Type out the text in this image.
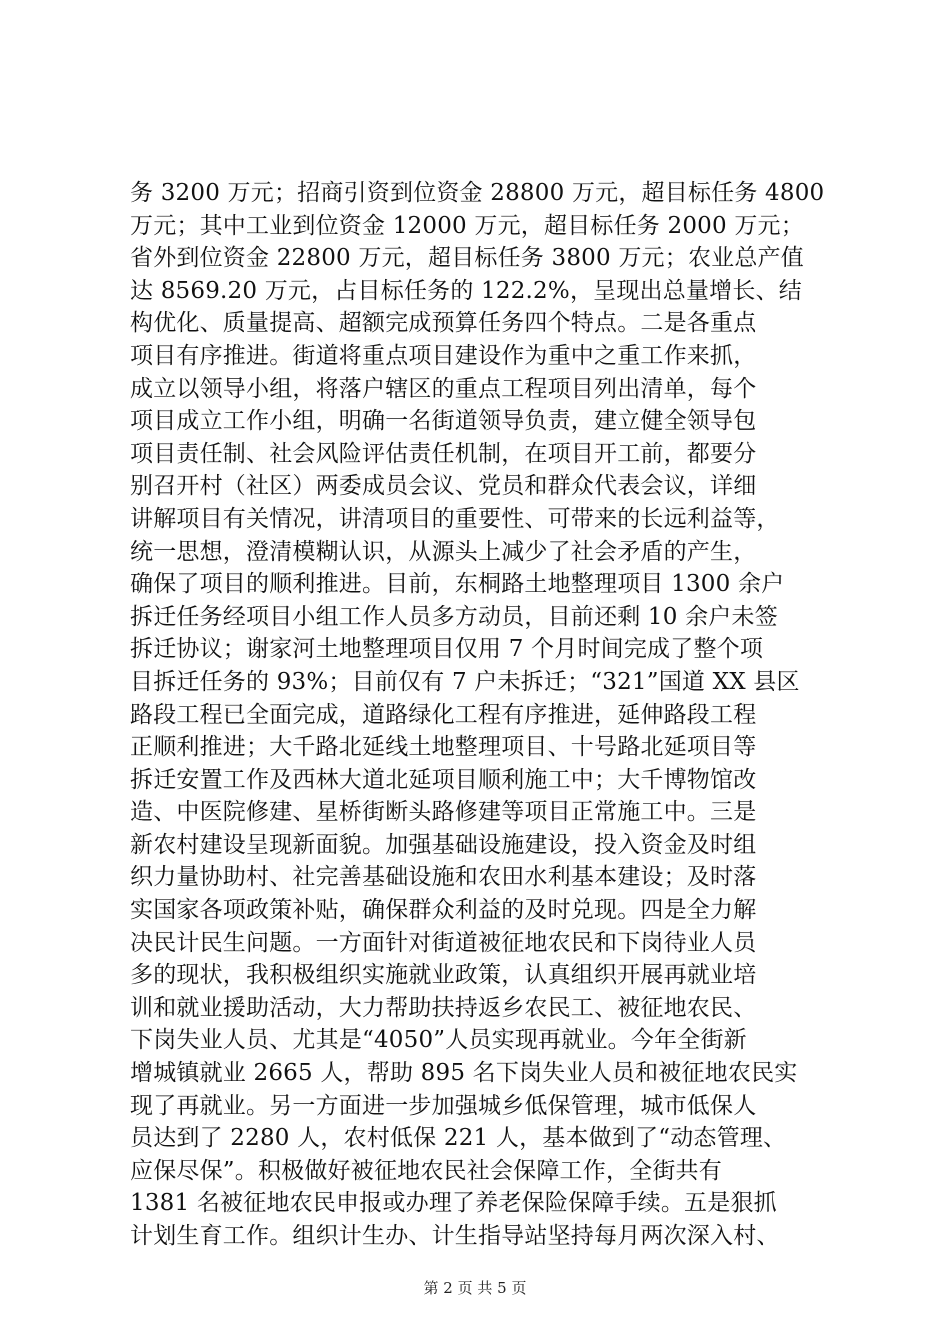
务 3200 万元；招商引资到位资金 28800 万元，超目标任务 4800
万元；其中工业到位资金 12000 万元，超目标任务 2000 万元；
省外到位资金 22800 万元，超目标任务 3800 万元；农业总产值
达 8569.20 万元，占目标任务的 122.2%，呈现出总量增长、结
构优化、质量提高、超额完成预算任务四个特点。二是各重点
项目有序推进。街道将重点项目建设作为重中之重工作来抓，
成立以领导小组，将落户辖区的重点工程项目列出清单，每个
项目成立工作小组，明确一名街道领导负责，建立健全领导包
项目责任制、社会风险评估责任机制，在项目开工前，都要分
别召开村（社区）两委成员会议、党员和群众代表会议，详细
讲解项目有关情况，讲清项目的重要性、可带来的长远利益等，
统一思想，澄清模糊认识，从源头上减少了社会矛盾的产生，
确保了项目的顺利推进。目前，东桐路土地整理项目 1300 余户
拆迁任务经项目小组工作人员多方动员，目前还剩 10 余户未签
拆迁协议；谢家河土地整理项目仅用 7 个月时间完成了整个项
目拆迁任务的 93%；目前仅有 7 户未拆迁；“321”国道 XX 县区
路段工程已全面完成，道路绿化工程有序推进，延伸路段工程
正顺利推进；大千路北延线土地整理项目、十号路北延项目等
拆迁安置工作及西林大道北延项目顺利施工中；大千博物馆改
造、中医院修建、星桥街断头路修建等项目正常施工中。三是
新农村建设呈现新面貌。加强基础设施建设，投入资金及时组
织力量协助村、社完善基础设施和农田水利基本建设；及时落
实国家各项政策补贴，确保群众利益的及时兑现。四是全力解
决民计民生问题。一方面针对街道被征地农民和下岗待业人员
多的现状，我积极组织实施就业政策，认真组织开展再就业培
训和就业援助活动，大力帮助扶持返乡农民工、被征地农民、
下岗失业人员、尤其是“4050”人员实现再就业。今年全街新
增城镇就业 2665 人，帮助 895 名下岗失业人员和被征地农民实
现了再就业。另一方面进一步加强城乡低保管理，城市低保人
员达到了 2280 人，农村低保 221 人，基本做到了“动态管理、
应保尽保”。积极做好被征地农民社会保障工作，全街共有
1381 名被征地农民申报或办理了养老保险保障手续。五是狠抓
计划生育工作。组织计生办、计生指导站坚持每月两次深入村、
第 2 页 共 5 页
